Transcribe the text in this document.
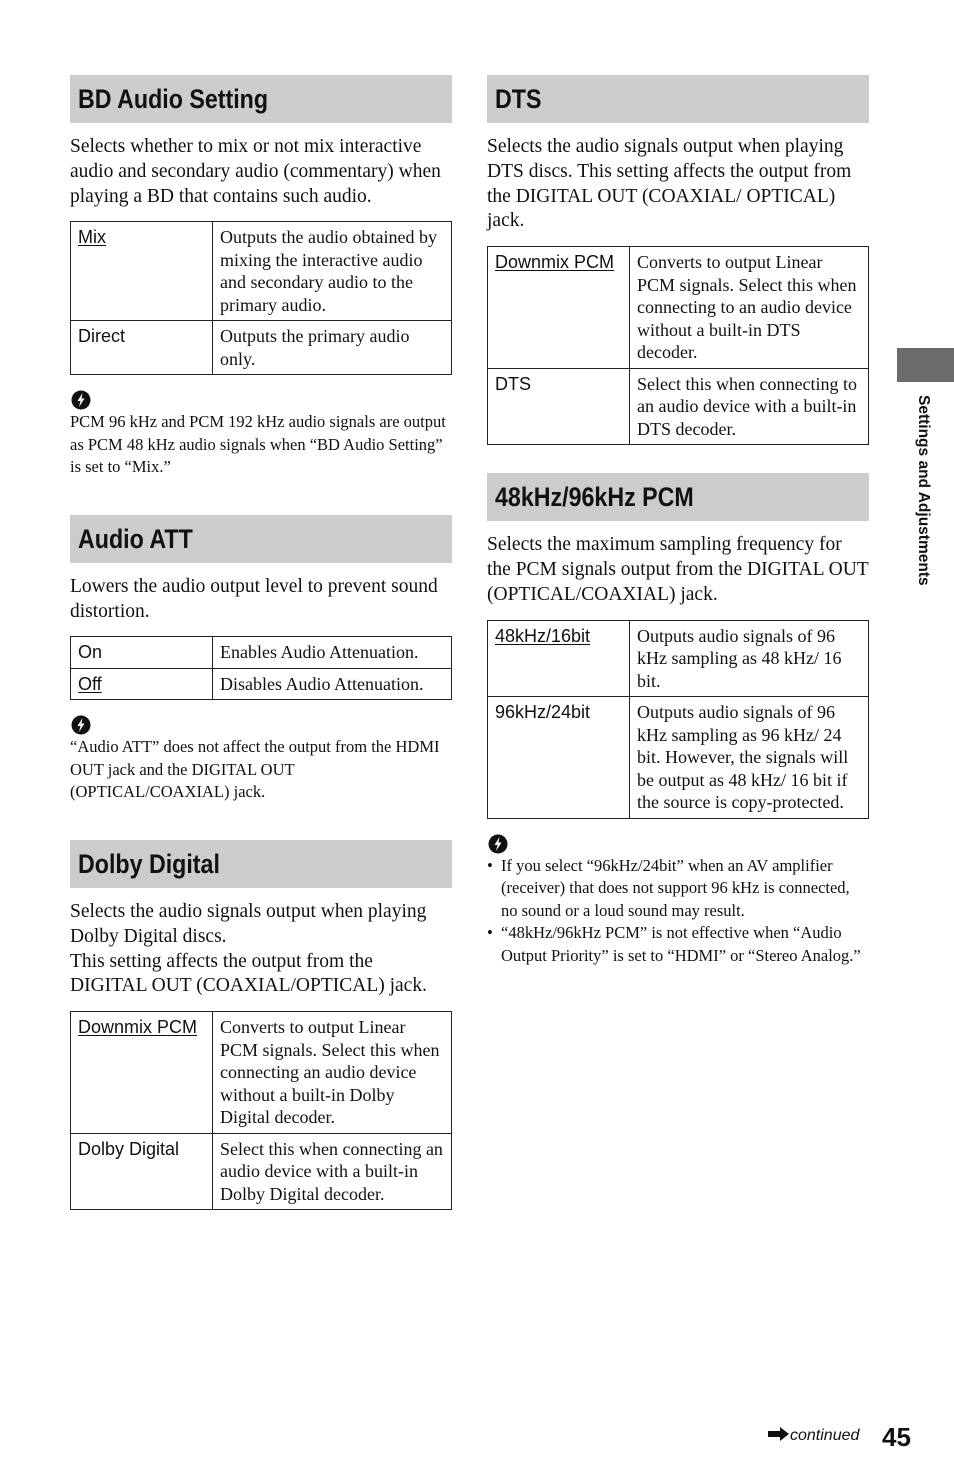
BD Audio Setting

Selects whether to mix or not mix interactive audio and secondary audio (commentary) when playing a BD that contains such audio.

Mix	Outputs the audio obtained by mixing the interactive audio and secondary audio to the primary audio.
Direct	Outputs the primary audio only.

PCM 96 kHz and PCM 192 kHz audio signals are output as PCM 48 kHz audio signals when “BD Audio Setting” is set to “Mix.”

Audio ATT

Lowers the audio output level to prevent sound distortion.

On	Enables Audio Attenuation.
Off	Disables Audio Attenuation.

“Audio ATT” does not affect the output from the HDMI OUT jack and the DIGITAL OUT (OPTICAL/COAXIAL) jack.

Dolby Digital

Selects the audio signals output when playing Dolby Digital discs.

This setting affects the output from the DIGITAL OUT (COAXIAL/OPTICAL) jack.

Downmix PCM	Converts to output Linear PCM signals. Select this when connecting an audio device without a built-in Dolby Digital decoder.
Dolby Digital	Select this when connecting an audio device with a built-in Dolby Digital decoder.
DTS

Selects the audio signals output when playing DTS discs. This setting affects the output from the DIGITAL OUT (COAXIAL/ OPTICAL) jack.

Downmix PCM	Converts to output Linear PCM signals. Select this when connecting to an audio device without a built-in DTS decoder.
DTS	Select this when connecting to an audio device with a built-in DTS decoder.
48kHz/96kHz PCM

Selects the maximum sampling frequency for the PCM signals output from the DIGITAL OUT (OPTICAL/COAXIAL) jack.

48kHz/16bit	Outputs audio signals of 96 kHz sampling as 48 kHz/ 16 bit.
96kHz/24bit	Outputs audio signals of 96 kHz sampling as 96 kHz/ 24 bit. However, the signals will be output as 48 kHz/ 16 bit if the source is copy-protected.
• If you select “96kHz/24bit” when an AV amplifier (receiver) that does not support 96 kHz is connected, no sound or a loud sound may result.
• “48kHz/96kHz PCM” is not effective when “Audio Output Priority” is set to “HDMI” or “Stereo Analog.”
Settings and Adjustments
continued 45
